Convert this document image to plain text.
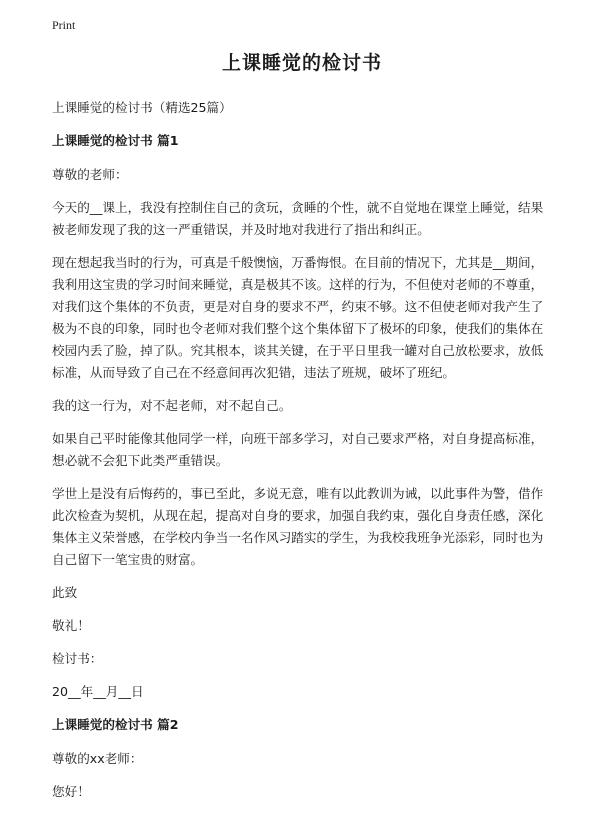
Print
上课睡觉的检讨书
上课睡觉的检讨书（精选25篇）
上课睡觉的检讨书 篇1
尊敬的老师：
今天的__课上，我没有控制住自己的贪玩，贪睡的个性，就不自觉地在课堂上睡觉，结果被老师发现了我的这一严重错误，并及时地对我进行了指出和纠正。
现在想起我当时的行为，可真是千般懊恼，万番悔恨。在目前的情况下，尤其是__期间，我利用这宝贵的学习时间来睡觉，真是极其不该。这样的行为，不但使对老师的不尊重，对我们这个集体的不负责，更是对自身的要求不严，约束不够。这不但使老师对我产生了极为不良的印象，同时也令老师对我们整个这个集体留下了极坏的印象，使我们的集体在校园内丢了脸，掉了队。究其根本，谈其关键，在于平日里我一罐对自己放松要求，放低标准，从而导致了自己在不经意间再次犯错，违法了班规，破坏了班纪。
我的这一行为，对不起老师，对不起自己。
如果自己平时能像其他同学一样，向班干部多学习，对自己要求严格，对自身提高标准，想必就不会犯下此类严重错误。
学世上是没有后悔药的，事已至此，多说无意，唯有以此教训为诫，以此事件为警，借作此次检查为契机，从现在起，提高对自身的要求，加强自我约束，强化自身责任感，深化集体主义荣誉感，在学校内争当一名作风习踏实的学生，为我校我班争光添彩，同时也为自己留下一笔宝贵的财富。
此致
敬礼！
检讨书：
20__年__月__日
上课睡觉的检讨书 篇2
尊敬的xx老师：
您好！
